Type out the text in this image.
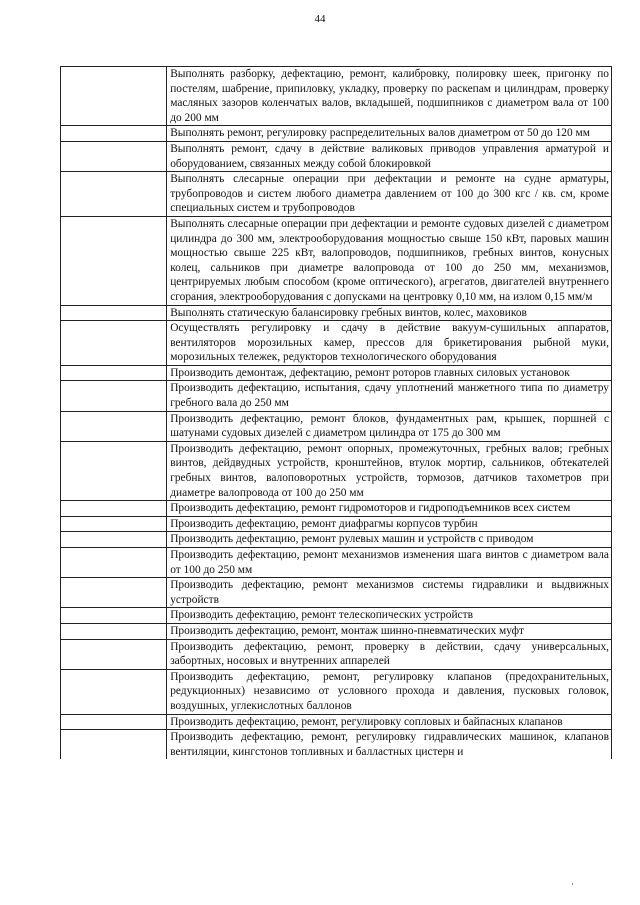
44
	Выполнять разборку, дефектацию, ремонт, калибровку, полировку шеек, пригонку по постелям, шабрение, припиловку, укладку, проверку по раскепам и цилиндрам, проверку масляных зазоров коленчатых валов, вкладышей, подшипников с диаметром вала от 100 до 200 мм
	Выполнять ремонт, регулировку распределительных валов диаметром от 50 до 120 мм
	Выполнять ремонт, сдачу в действие валиковых приводов управления арматурой и оборудованием, связанных между собой блокировкой
	Выполнять слесарные операции при дефектации и ремонте на судне арматуры, трубопроводов и систем любого диаметра давлением от 100 до 300 кгс / кв. см, кроме специальных систем и трубопроводов
	Выполнять слесарные операции при дефектации и ремонте судовых дизелей с диаметром цилиндра до 300 мм, электрооборудования мощностью свыше 150 кВт, паровых машин мощностью свыше 225 кВт, валопроводов, подшипников, гребных винтов, конусных колец, сальников при диаметре валопровода от 100 до 250 мм, механизмов, центрируемых любым способом (кроме оптического), агрегатов, двигателей внутреннего сгорания, электрооборудования с допусками на центровку 0,10 мм, на излом 0,15 мм/м
	Выполнять статическую балансировку гребных винтов, колес, маховиков
	Осуществлять регулировку и сдачу в действие вакуум-сушильных аппаратов, вентиляторов морозильных камер, прессов для брикетирования рыбной муки, морозильных тележек, редукторов технологического оборудования
	Производить демонтаж, дефектацию, ремонт роторов главных силовых установок
	Производить дефектацию, испытания, сдачу уплотнений манжетного типа по диаметру гребного вала до 250 мм
	Производить дефектацию, ремонт блоков, фундаментных рам, крышек, поршней с шатунами судовых дизелей с диаметром цилиндра от 175 до 300 мм
	Производить дефектацию, ремонт опорных, промежуточных, гребных валов; гребных винтов, дейдвудных устройств, кронштейнов, втулок мортир, сальников, обтекателей гребных винтов, валоповоротных устройств, тормозов, датчиков тахометров при диаметре валопровода от 100 до 250 мм
	Производить дефектацию, ремонт гидромоторов и гидроподъемников всех систем
	Производить дефектацию, ремонт диафрагмы корпусов турбин
	Производить дефектацию, ремонт рулевых машин и устройств с приводом
	Производить дефектацию, ремонт механизмов изменения шага винтов с диаметром вала от 100 до 250 мм
	Производить дефектацию, ремонт механизмов системы гидравлики и выдвижных устройств
	Производить дефектацию, ремонт телескопических устройств
	Производить дефектацию, ремонт, монтаж шинно-пневматических муфт
	Производить дефектацию, ремонт, проверку в действии, сдачу универсальных, забортных, носовых и внутренних аппарелей
	Производить дефектацию, ремонт, регулировку клапанов (предохранительных, редукционных) независимо от условного прохода и давления, пусковых головок, воздушных, углекислотных баллонов
	Производить дефектацию, ремонт, регулировку сопловых и байпасных клапанов
	Производить дефектацию, ремонт, регулировку гидравлических машинок, клапанов вентиляции, кингстонов топливных и балластных цистерн и
·
